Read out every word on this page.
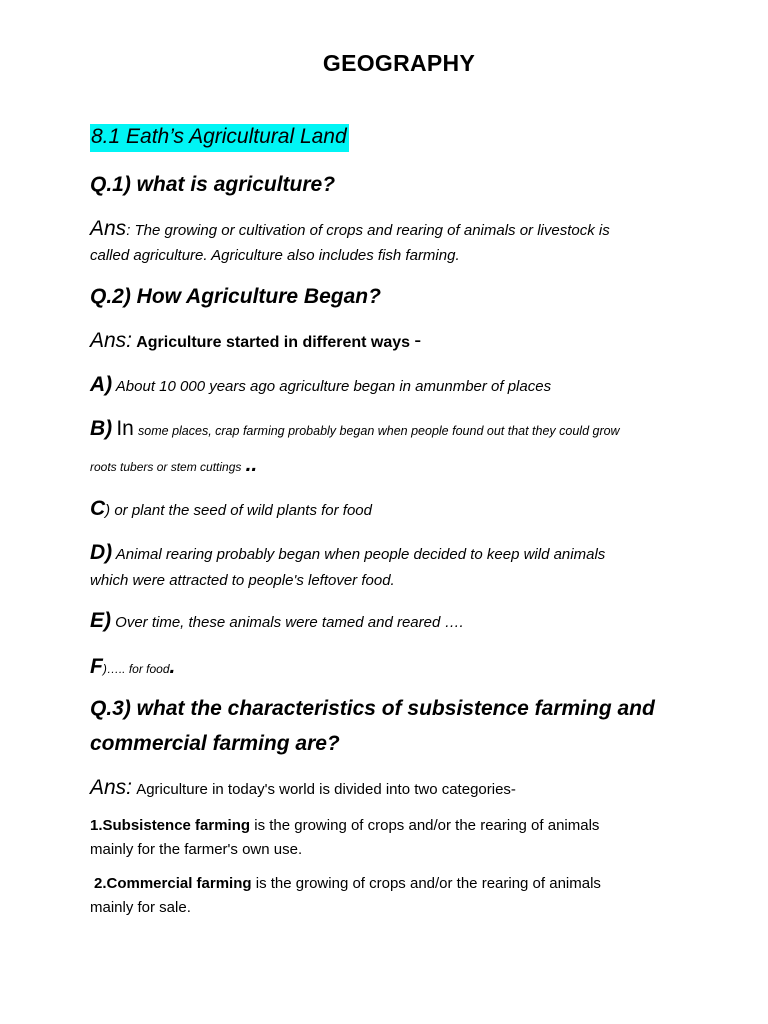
GEOGRAPHY
8.1 Eath’s Agricultural Land
Q.1) what is agriculture?
Ans: The growing or cultivation of crops and rearing of animals or livestock is
called agriculture. Agriculture also includes fish farming.
Q.2) How Agriculture Began?
Ans: Agriculture started in different ways -
A) About 10 000 years ago agriculture began in amunmber of places
B) In some places, crap farming probably began when people found out that they could grow
roots tubers or stem cuttings ..
C) or plant the seed of wild plants for food
D) Animal rearing probably began when people decided to keep wild animals
which were attracted to people's leftover food.
E) Over time, these animals were tamed and reared ….
F)….. for food.
Q.3) what the characteristics of subsistence farming and
commercial farming are?
Ans: Agriculture in today's world is divided into two categories-
1.Subsistence farming is the growing of crops and/or the rearing of animals
mainly for the farmer's own use.
2.Commercial farming is the growing of crops and/or the rearing of animals
mainly for sale.
